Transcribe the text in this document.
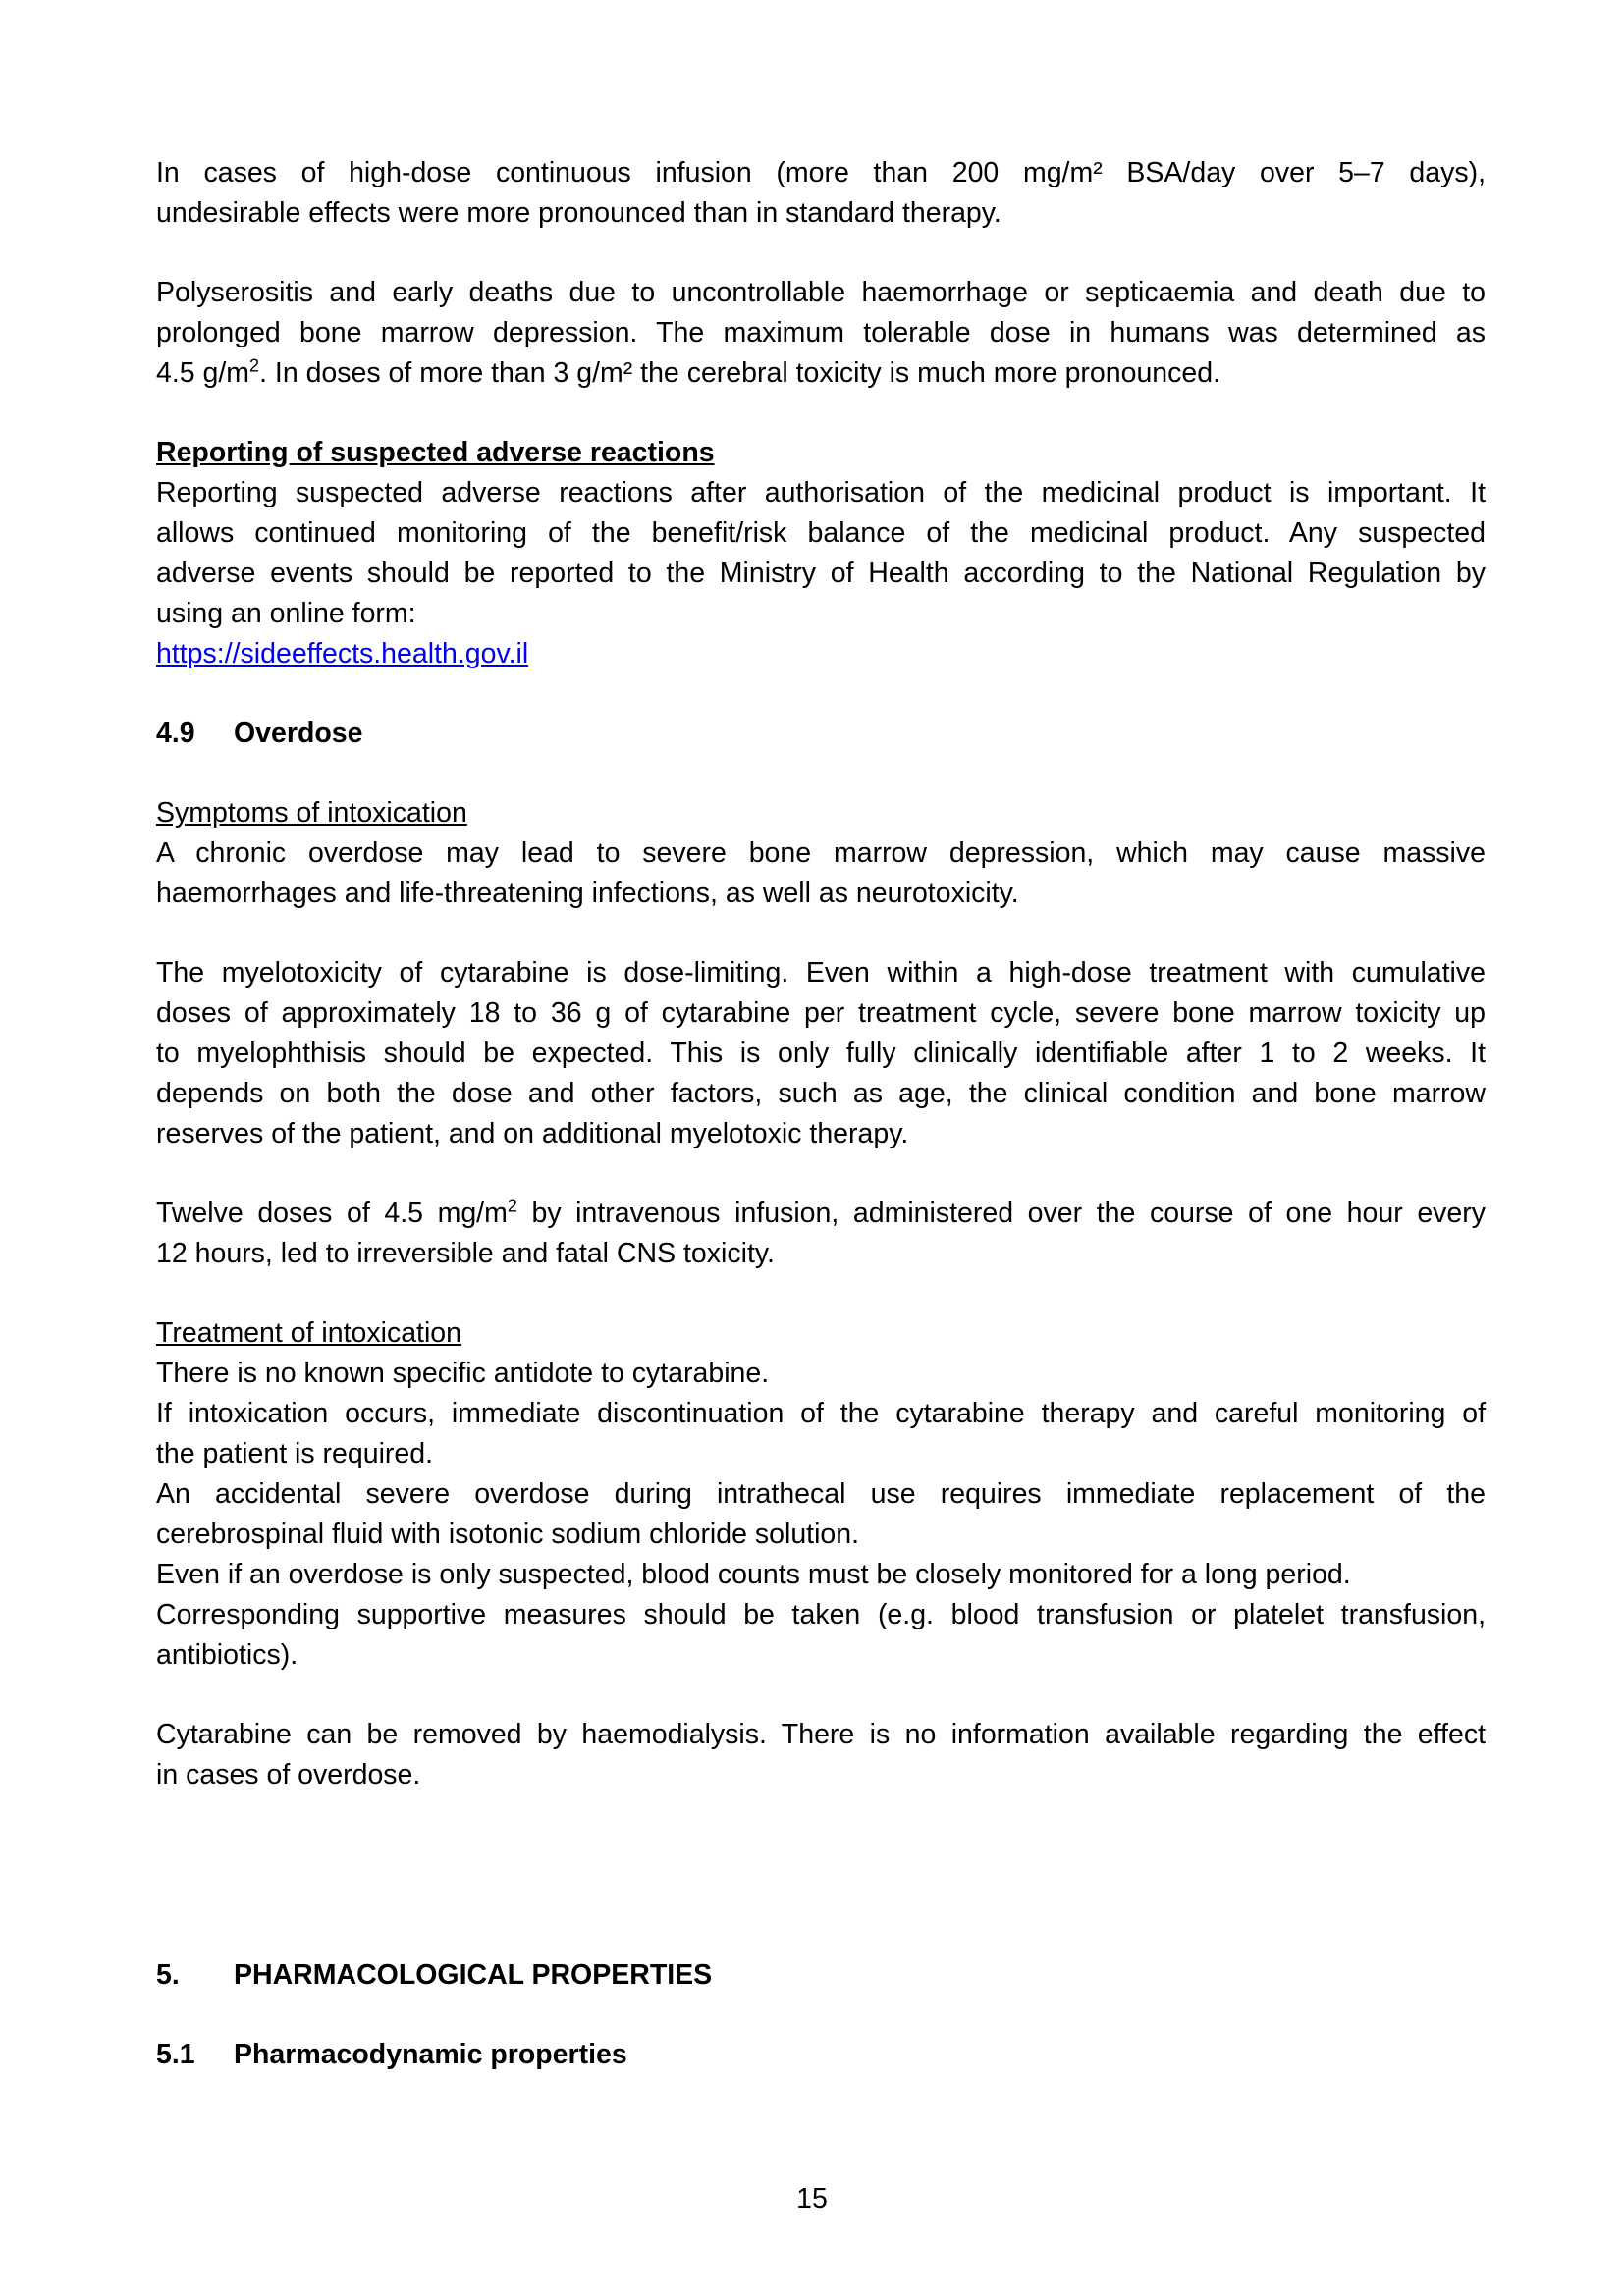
In cases of high-dose continuous infusion (more than 200 mg/m² BSA/day over 5–7 days),

undesirable effects were more pronounced than in standard therapy.

Polyserositis and early deaths due to uncontrollable haemorrhage or septicaemia and death due to

prolonged bone marrow depression. The maximum tolerable dose in humans was determined as

4.5 $g/m^2$. In doses of more than 3 g/m² the cerebral toxicity is much more pronounced.

Reporting of suspected adverse reactions

Reporting suspected adverse reactions after authorisation of the medicinal product is important. It

allows continued monitoring of the benefit/risk balance of the medicinal product. Any suspected

adverse events should be reported to the Ministry of Health according to the National Regulation by

using an online form:

https://sideeffects.health.gov.il

4.9	Overdose

Symptoms of intoxication

A chronic overdose may lead to severe bone marrow depression, which may cause massive

haemorrhages and life-threatening infections, as well as neurotoxicity.

The myelotoxicity of cytarabine is dose-limiting. Even within a high-dose treatment with cumulative

doses of approximately 18 to 36 g of cytarabine per treatment cycle, severe bone marrow toxicity up

to myelophthisis should be expected. This is only fully clinically identifiable after 1 to 2 weeks. It

depends on both the dose and other factors, such as age, the clinical condition and bone marrow

reserves of the patient, and on additional myelotoxic therapy.

Twelve doses of 4.5 $mg/m^2$ by intravenous infusion, administered over the course of one hour every

12 hours, led to irreversible and fatal CNS toxicity.

Treatment of intoxication

There is no known specific antidote to cytarabine.

If intoxication occurs, immediate discontinuation of the cytarabine therapy and careful monitoring of

the patient is required.

An accidental severe overdose during intrathecal use requires immediate replacement of the

cerebrospinal fluid with isotonic sodium chloride solution.

Even if an overdose is only suspected, blood counts must be closely monitored for a long period.

Corresponding supportive measures should be taken (e.g. blood transfusion or platelet transfusion,

antibiotics).

Cytarabine can be removed by haemodialysis. There is no information available regarding the effect

in cases of overdose.

5.	PHARMACOLOGICAL PROPERTIES
5.1	Pharmacodynamic properties
15
